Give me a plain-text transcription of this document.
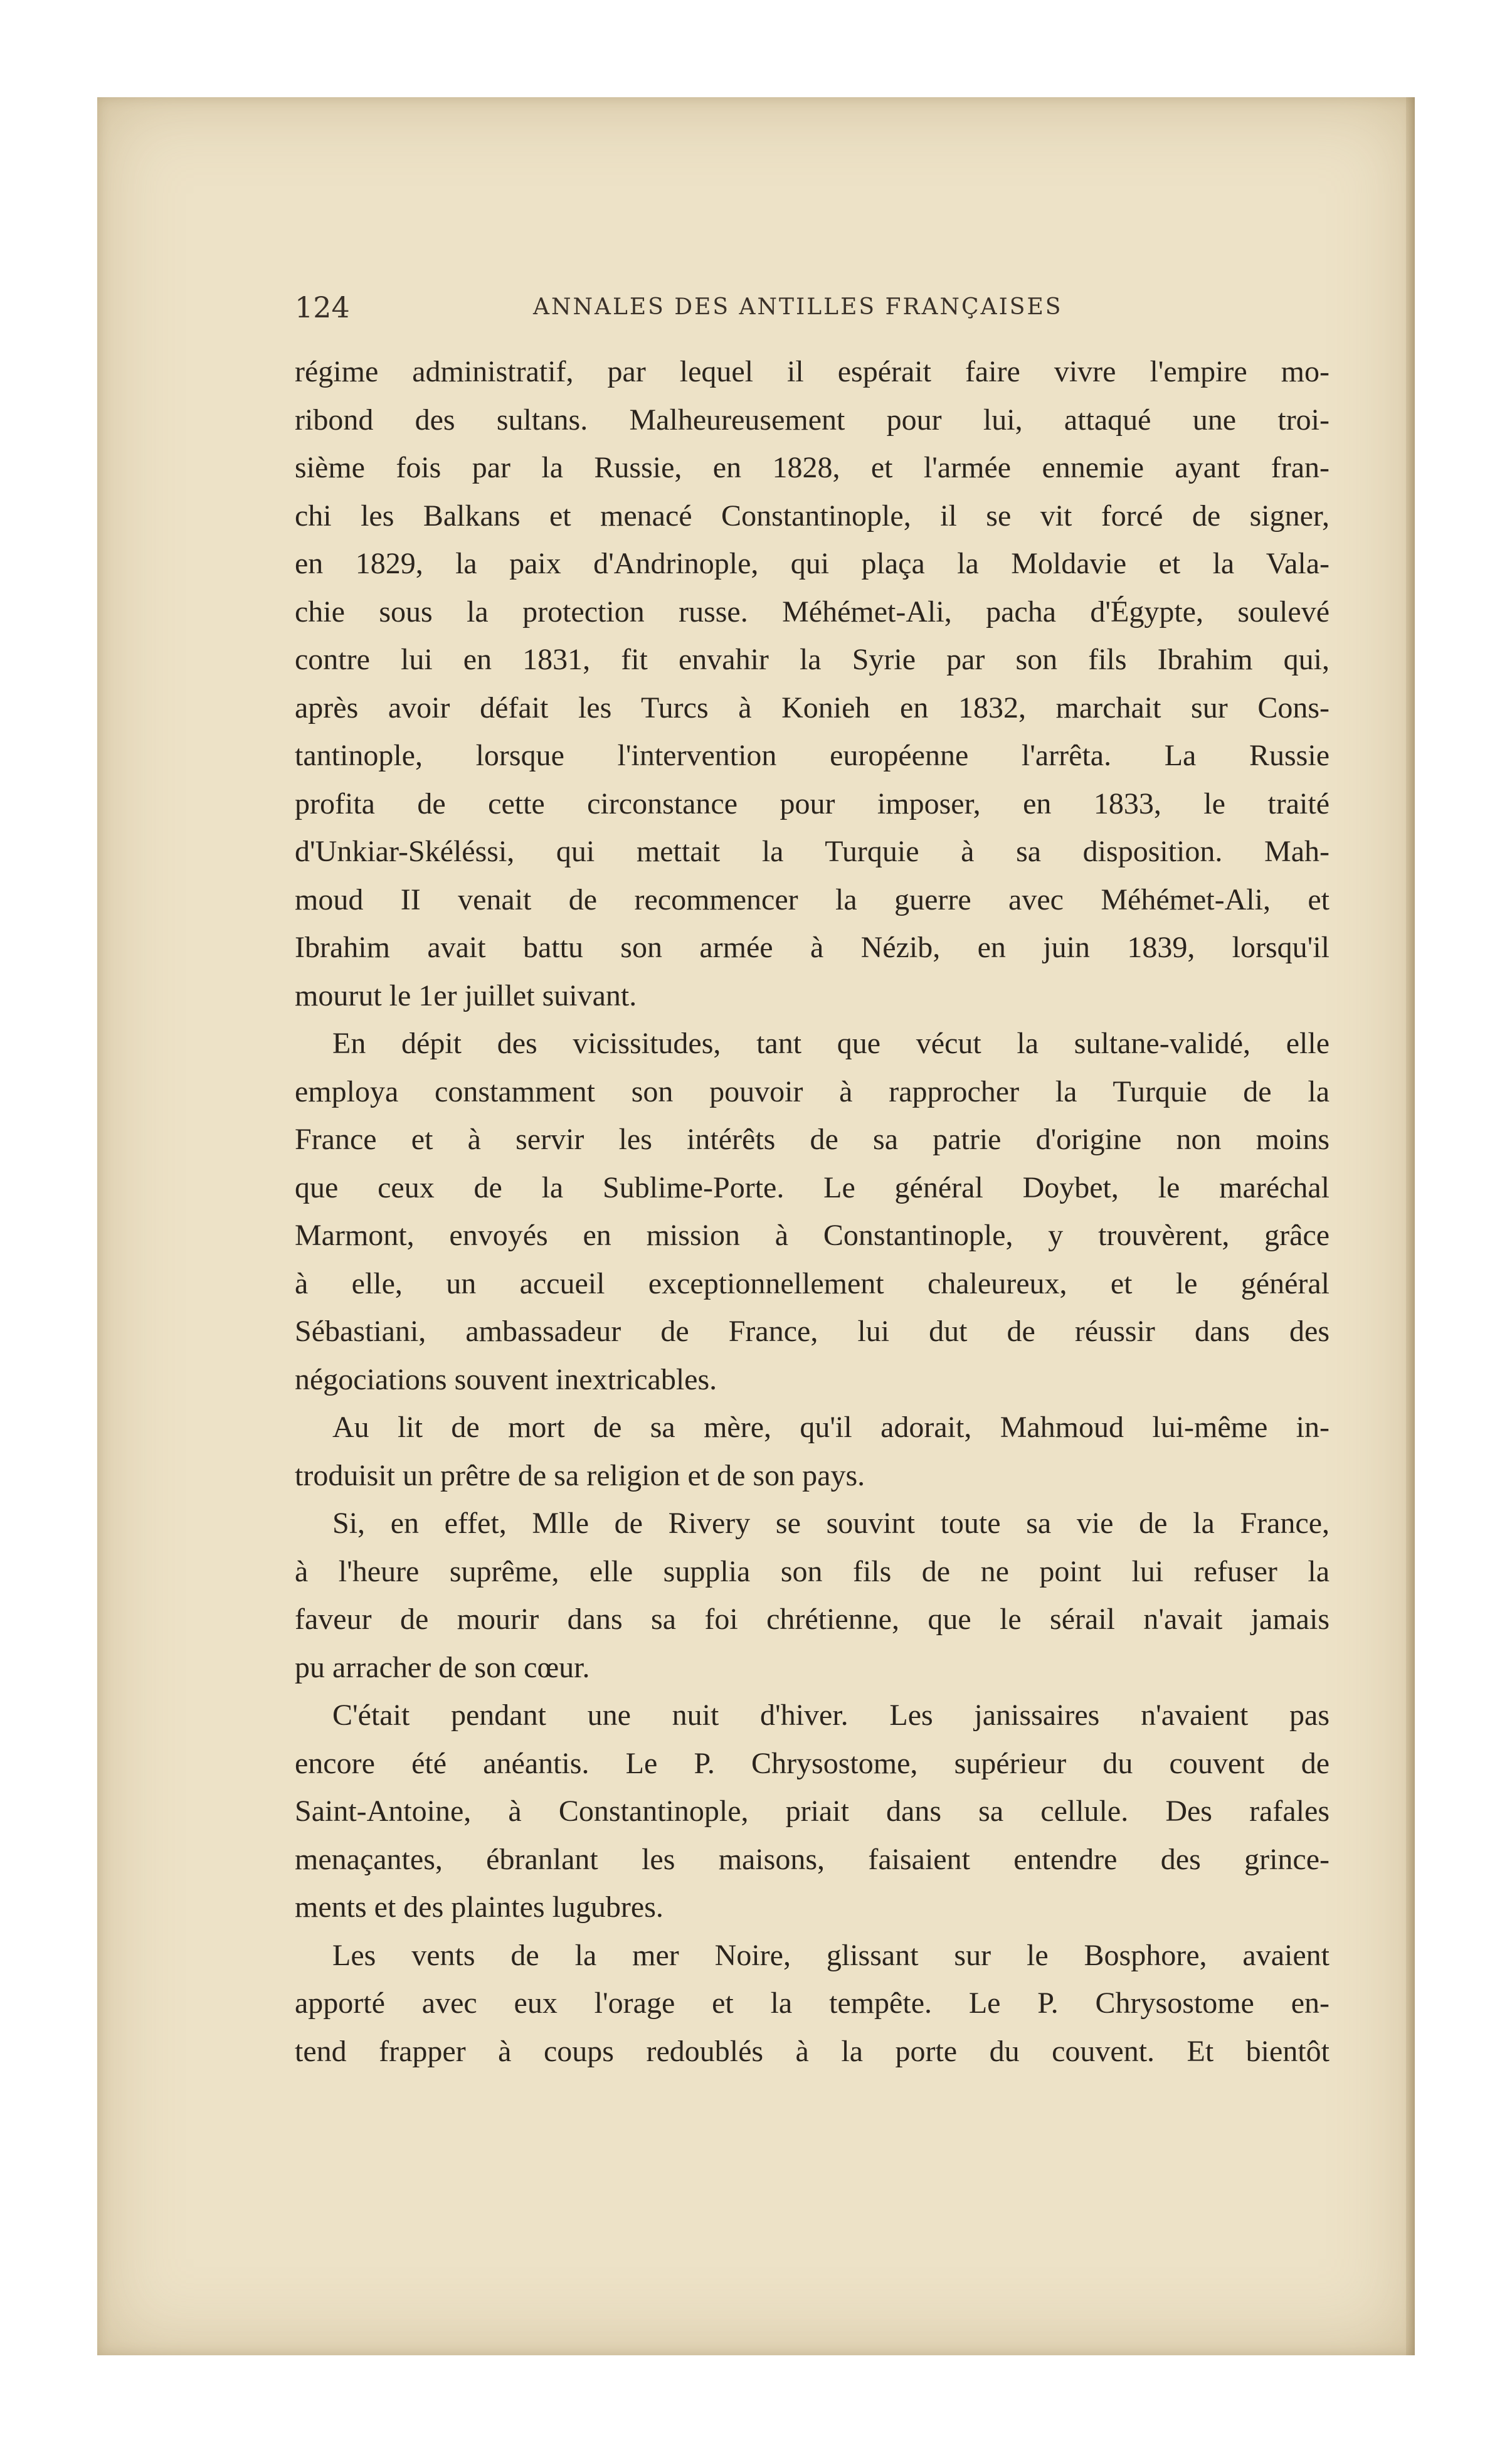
124	ANNALES DES ANTILLES FRANÇAISES
régime administratif, par lequel il espérait faire vivre l'empire mo-
ribond des sultans. Malheureusement pour lui, attaqué une troi-
sième fois par la Russie, en 1828, et l'armée ennemie ayant fran-
chi les Balkans et menacé Constantinople, il se vit forcé de signer,
en 1829, la paix d'Andrinople, qui plaça la Moldavie et la Vala-
chie sous la protection russe. Méhémet-Ali, pacha d'Égypte, soulevé
contre lui en 1831, fit envahir la Syrie par son fils Ibrahim qui,
après avoir défait les Turcs à Konieh en 1832, marchait sur Cons-
tantinople, lorsque l'intervention européenne l'arrêta. La Russie
profita de cette circonstance pour imposer, en 1833, le traité
d'Unkiar-Skéléssi, qui mettait la Turquie à sa disposition. Mah-
moud II venait de recommencer la guerre avec Méhémet-Ali, et
Ibrahim avait battu son armée à Nézib, en juin 1839, lorsqu'il
mourut le 1er juillet suivant.
En dépit des vicissitudes, tant que vécut la sultane-validé, elle
employa constamment son pouvoir à rapprocher la Turquie de la
France et à servir les intérêts de sa patrie d'origine non moins
que ceux de la Sublime-Porte. Le général Doybet, le maréchal
Marmont, envoyés en mission à Constantinople, y trouvèrent, grâce
à elle, un accueil exceptionnellement chaleureux, et le général
Sébastiani, ambassadeur de France, lui dut de réussir dans des
négociations souvent inextricables.
Au lit de mort de sa mère, qu'il adorait, Mahmoud lui-même in-
troduisit un prêtre de sa religion et de son pays.
Si, en effet, Mlle de Rivery se souvint toute sa vie de la France,
à l'heure suprême, elle supplia son fils de ne point lui refuser la
faveur de mourir dans sa foi chrétienne, que le sérail n'avait jamais
pu arracher de son cœur.
C'était pendant une nuit d'hiver. Les janissaires n'avaient pas
encore été anéantis. Le P. Chrysostome, supérieur du couvent de
Saint-Antoine, à Constantinople, priait dans sa cellule. Des rafales
menaçantes, ébranlant les maisons, faisaient entendre des grince-
ments et des plaintes lugubres.
Les vents de la mer Noire, glissant sur le Bosphore, avaient
apporté avec eux l'orage et la tempête. Le P. Chrysostome en-
tend frapper à coups redoublés à la porte du couvent. Et bientôt
